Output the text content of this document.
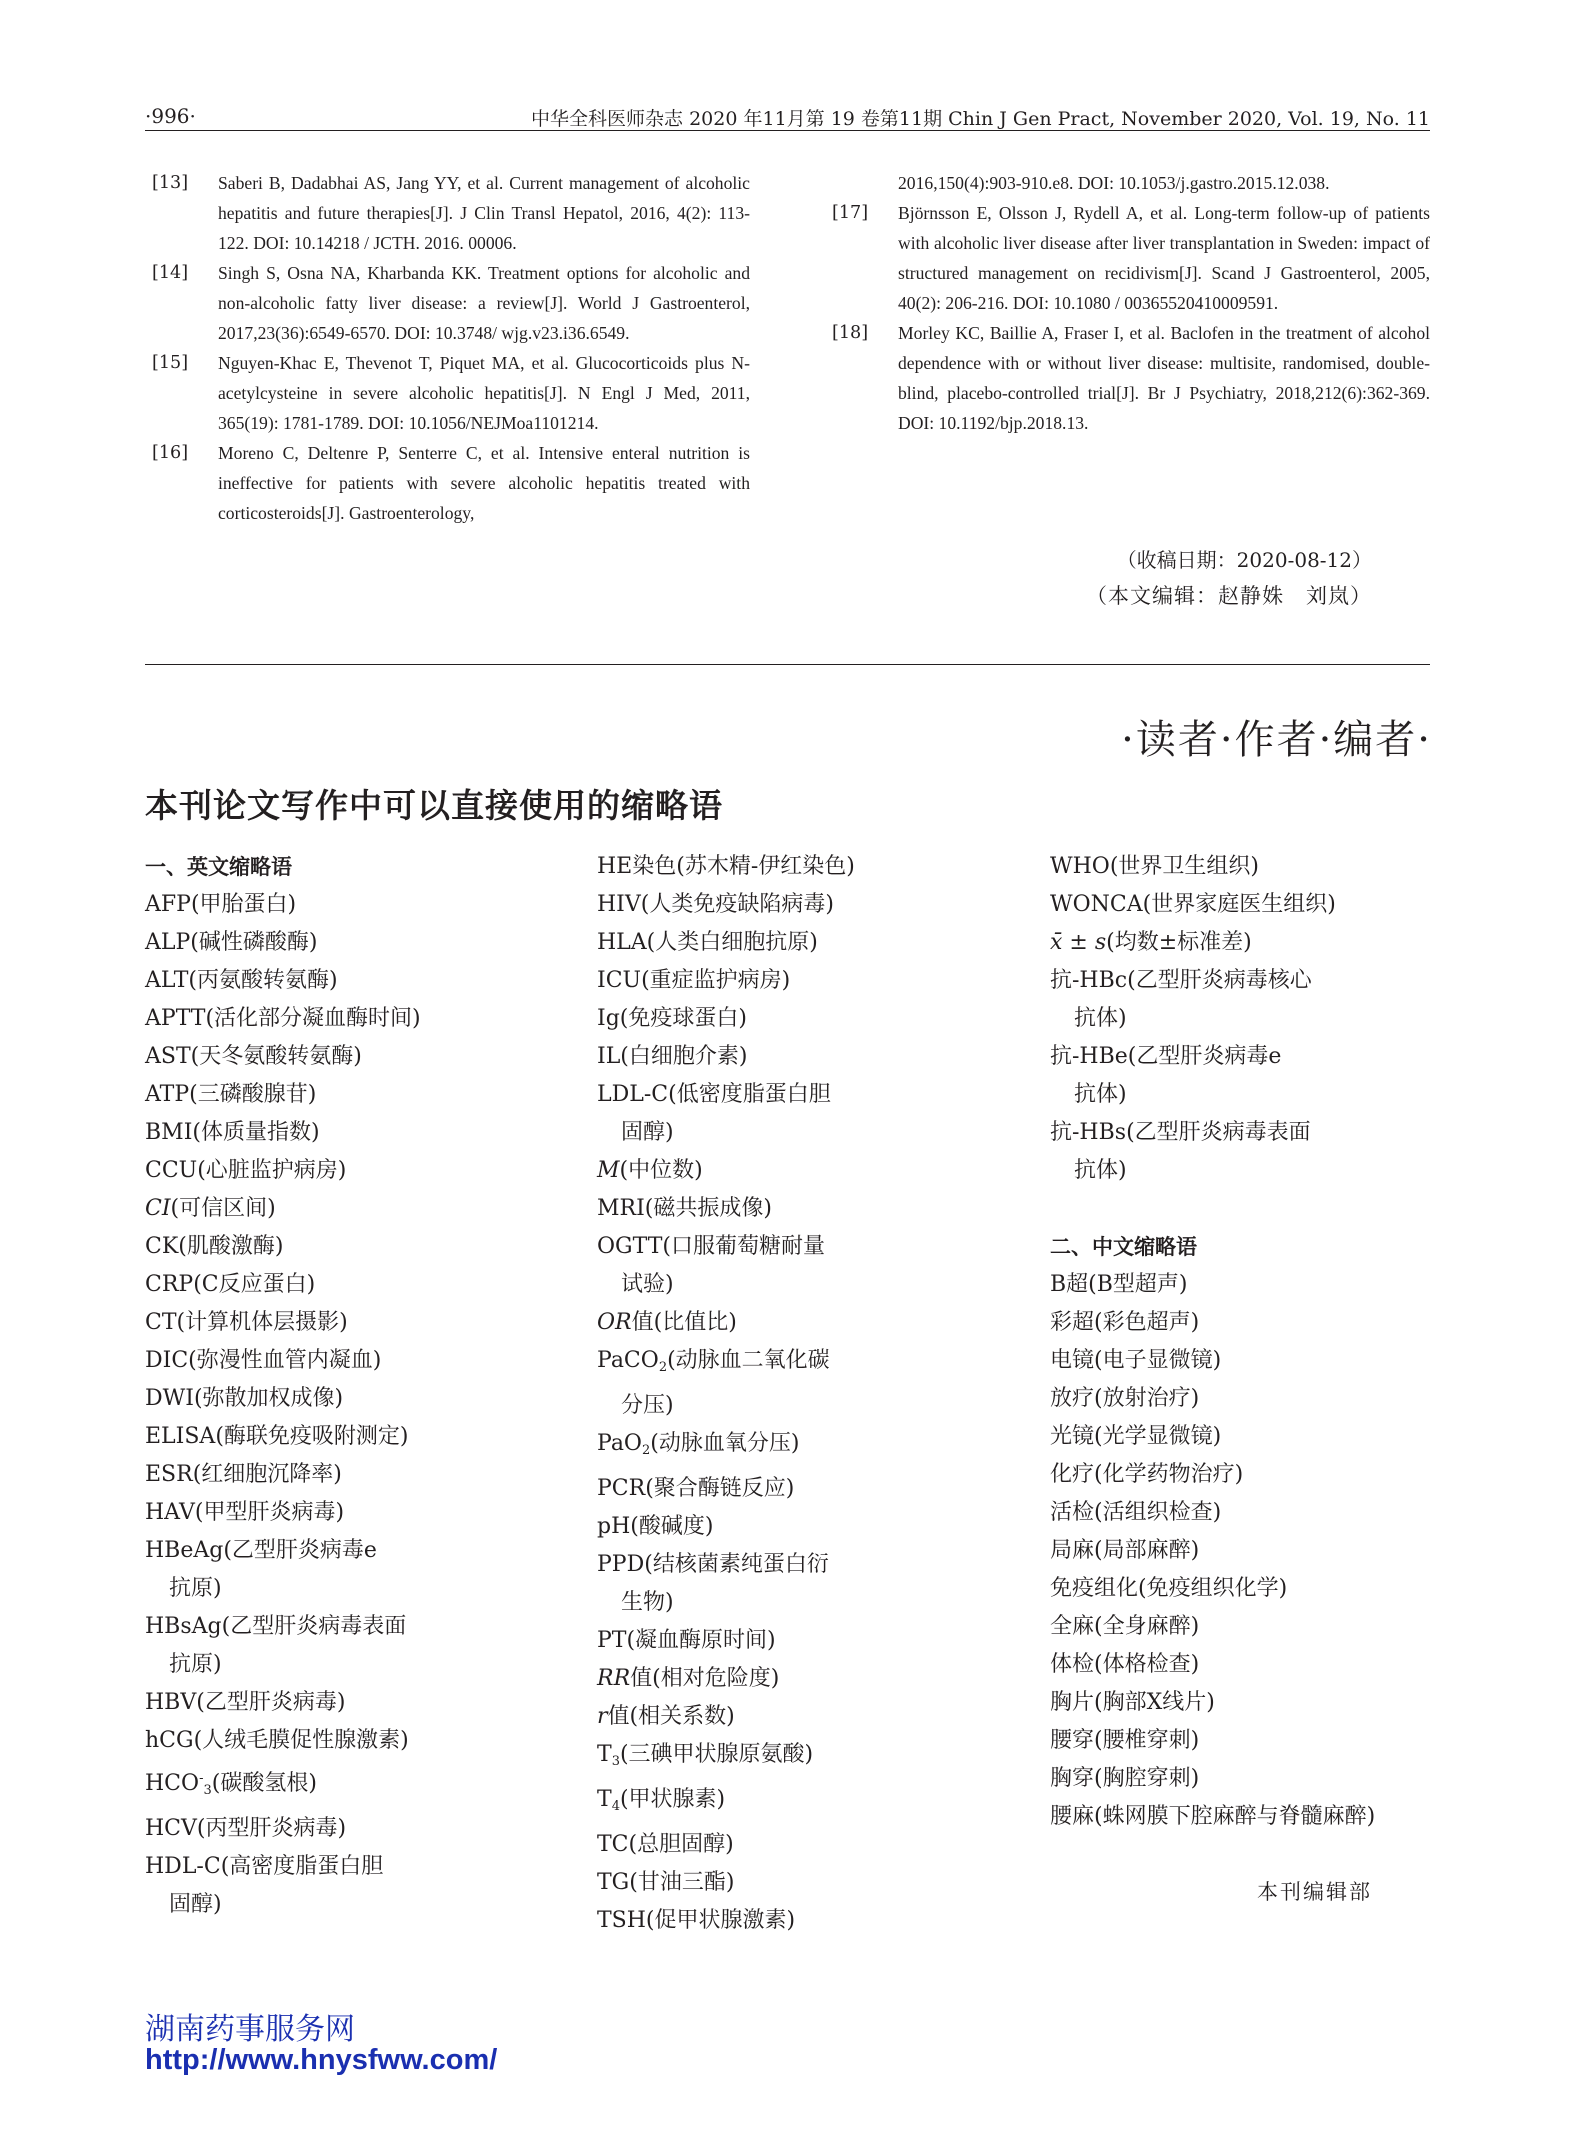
·996·	中华全科医师杂志 2020 年11月第 19 卷第11期 Chin J Gen Pract, November 2020, Vol. 19, No. 11
[13]	Saberi B, Dadabhai AS, Jang YY, et al. Current management of alcoholic hepatitis and future therapies[J]. J Clin Transl Hepatol, 2016, 4(2): 113-122. DOI: 10.14218 / JCTH. 2016. 00006.
[14]	Singh S, Osna NA, Kharbanda KK. Treatment options for alcoholic and non-alcoholic fatty liver disease: a review[J]. World J Gastroenterol, 2017,23(36):6549-6570. DOI: 10.3748/ wjg.v23.i36.6549.
[15]	Nguyen-Khac E, Thevenot T, Piquet MA, et al. Glucocorticoids plus N-acetylcysteine in severe alcoholic hepatitis[J]. N Engl J Med, 2011, 365(19): 1781-1789. DOI: 10.1056/NEJMoa1101214.
[16]	Moreno C, Deltenre P, Senterre C, et al. Intensive enteral nutrition is ineffective for patients with severe alcoholic hepatitis treated with corticosteroids[J]. Gastroenterology,
2016,150(4):903-910.e8. DOI: 10.1053/j.gastro.2015.12.038.
[17]	Björnsson E, Olsson J, Rydell A, et al. Long-term follow-up of patients with alcoholic liver disease after liver transplantation in Sweden: impact of structured management on recidivism[J]. Scand J Gastroenterol, 2005, 40(2): 206-216. DOI: 10.1080 / 00365520410009591.
[18]	Morley KC, Baillie A, Fraser I, et al. Baclofen in the treatment of alcohol dependence with or without liver disease: multisite, randomised, double-blind, placebo-controlled trial[J]. Br J Psychiatry, 2018,212(6):362-369. DOI: 10.1192/bjp.2018.13.
（收稿日期：2020-08-12）
（本文编辑：赵静姝　刘岚）
·读者·作者·编者·
本刊论文写作中可以直接使用的缩略语
一、英文缩略语
AFP(甲胎蛋白)
ALP(碱性磷酸酶)
ALT(丙氨酸转氨酶)
APTT(活化部分凝血酶时间)
AST(天冬氨酸转氨酶)
ATP(三磷酸腺苷)
BMI(体质量指数)
CCU(心脏监护病房)
CI(可信区间)
CK(肌酸激酶)
CRP(C反应蛋白)
CT(计算机体层摄影)
DIC(弥漫性血管内凝血)
DWI(弥散加权成像)
ELISA(酶联免疫吸附测定)
ESR(红细胞沉降率)
HAV(甲型肝炎病毒)
HBeAg(乙型肝炎病毒e
抗原)
HBsAg(乙型肝炎病毒表面
抗原)
HBV(乙型肝炎病毒)
hCG(人绒毛膜促性腺激素)
$HCO^-_3$(碳酸氢根)
HCV(丙型肝炎病毒)
HDL-C(高密度脂蛋白胆
固醇)
HE染色(苏木精-伊红染色)
HIV(人类免疫缺陷病毒)
HLA(人类白细胞抗原)
ICU(重症监护病房)
Ig(免疫球蛋白)
IL(白细胞介素)
LDL-C(低密度脂蛋白胆
固醇)
M(中位数)
MRI(磁共振成像)
OGTT(口服葡萄糖耐量
试验)
OR值(比值比)
PaCO$_2$(动脉血二氧化碳
分压)
PaO$_2$(动脉血氧分压)
PCR(聚合酶链反应)
pH(酸碱度)
PPD(结核菌素纯蛋白衍
生物)
PT(凝血酶原时间)
RR值(相对危险度)
r值(相关系数)
$T_3$(三碘甲状腺原氨酸)
$T_4$(甲状腺素)
TC(总胆固醇)
TG(甘油三酯)
TSH(促甲状腺激素)
WHO(世界卫生组织)
WONCA(世界家庭医生组织)
x̄ ± s(均数±标准差)
抗-HBc(乙型肝炎病毒核心
抗体)
抗-HBe(乙型肝炎病毒e
抗体)
抗-HBs(乙型肝炎病毒表面
抗体)
二、中文缩略语
B超(B型超声)
彩超(彩色超声)
电镜(电子显微镜)
放疗(放射治疗)
光镜(光学显微镜)
化疗(化学药物治疗)
活检(活组织检查)
局麻(局部麻醉)
免疫组化(免疫组织化学)
全麻(全身麻醉)
体检(体格检查)
胸片(胸部X线片)
腰穿(腰椎穿刺)
胸穿(胸腔穿刺)
腰麻(蛛网膜下腔麻醉与脊髓麻醉)
本刊编辑部
湖南药事服务网
http://www.hnysfww.com/
